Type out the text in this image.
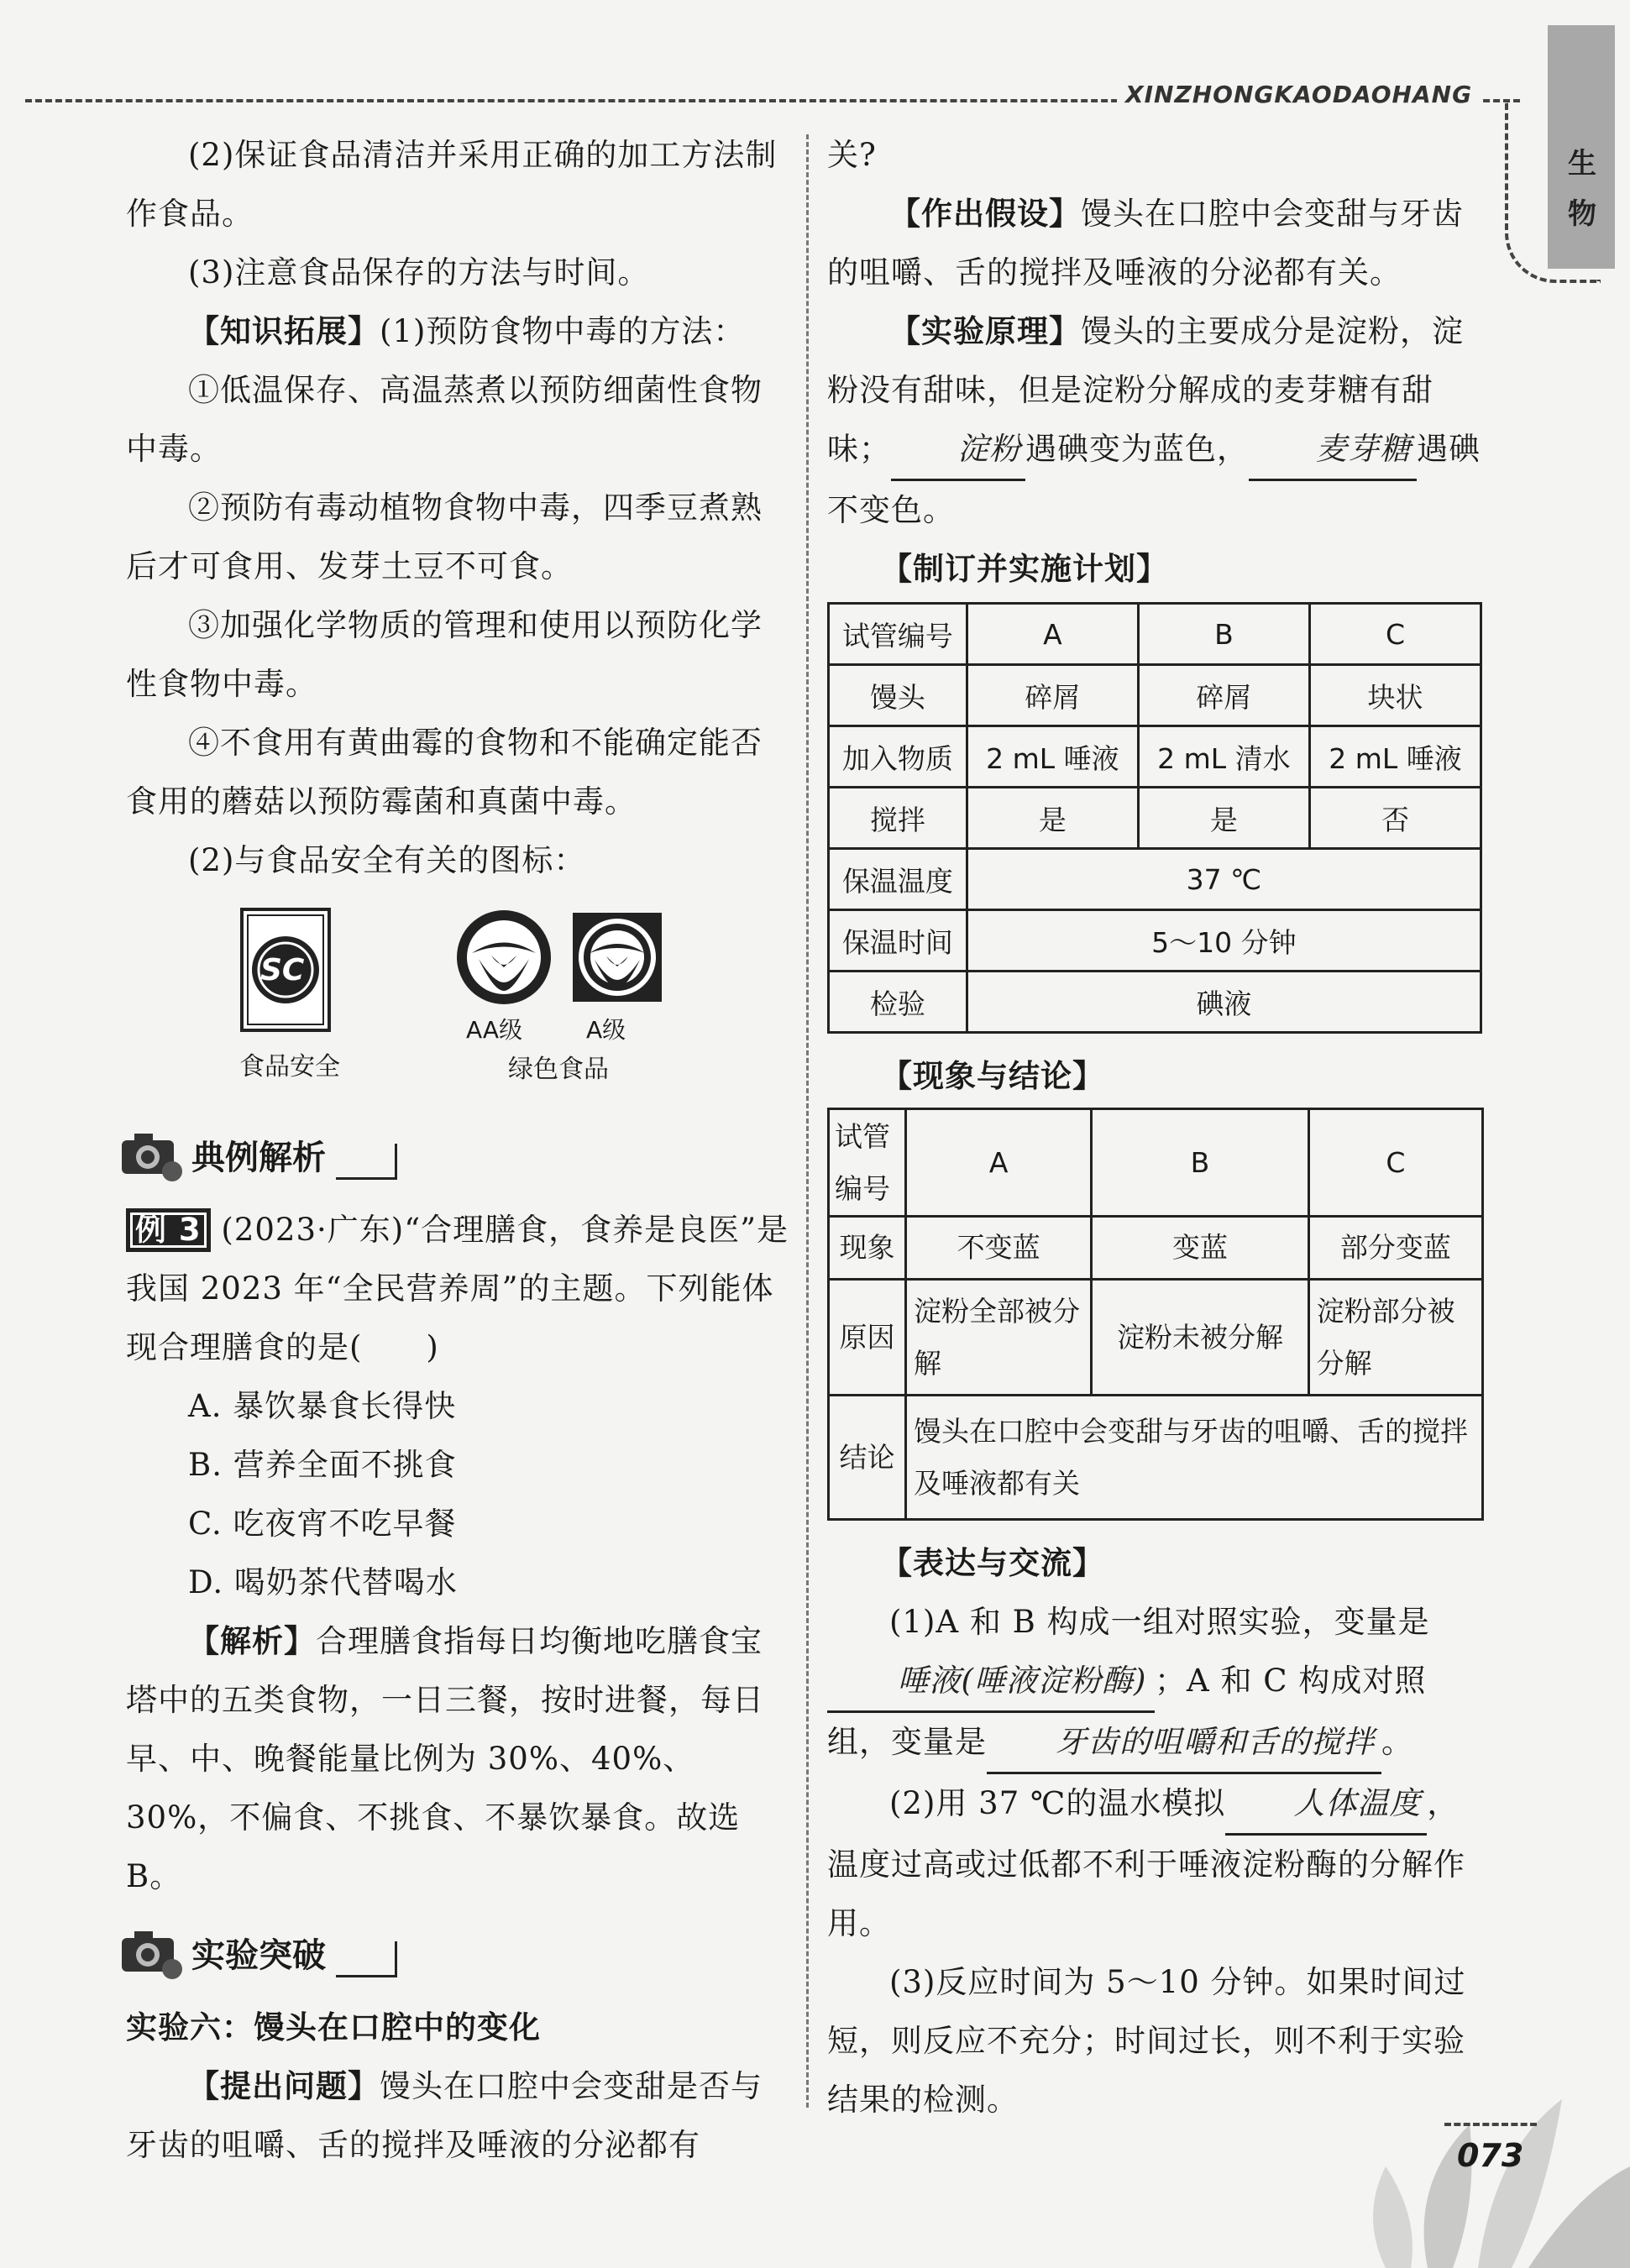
XINZHONGKAODAOHANG
生
物

(2)保证食品清洁并采用正确的加工方法制作食品。

(3)注意食品保存的方法与时间。

【知识拓展】(1)预防食物中毒的方法：

①低温保存、高温蒸煮以预防细菌性食物中毒。

②预防有毒动植物食物中毒，四季豆煮熟后才可食用、发芽土豆不可食。

③加强化学物质的管理和使用以预防化学性食物中毒。

④不食用有黄曲霉的食物和不能确定能否食用的蘑菇以预防霉菌和真菌中毒。

(2)与食品安全有关的图标：

SC
食品安全
AA级	A级
绿色食品
典例解析

例 3 (2023·广东)“合理膳食，食养是良医”是我国 2023 年“全民营养周”的主题。下列能体现合理膳食的是(　　)

A. 暴饮暴食长得快

B. 营养全面不挑食

C. 吃夜宵不吃早餐

D. 喝奶茶代替喝水

【解析】合理膳食指每日均衡地吃膳食宝塔中的五类食物，一日三餐，按时进餐，每日早、中、晚餐能量比例为 30%、40%、30%，不偏食、不挑食、不暴饮暴食。故选 B。

实验突破

实验六：馒头在口腔中的变化

【提出问题】馒头在口腔中会变甜是否与牙齿的咀嚼、舌的搅拌及唾液的分泌都有

关?

【作出假设】馒头在口腔中会变甜与牙齿的咀嚼、舌的搅拌及唾液的分泌都有关。

【实验原理】馒头的主要成分是淀粉，淀粉没有甜味，但是淀粉分解成的麦芽糖有甜味； 淀粉 遇碘变为蓝色， 麦芽糖 遇碘不变色。

【制订并实施计划】

试管编号	A	B	C
馒头	碎屑	碎屑	块状
加入物质	2 mL 唾液	2 mL 清水	2 mL 唾液
搅拌	是	是	否
保温温度	37 ℃		
保温时间	5～10 分钟		
检验	碘液		

【现象与结论】

试管编号	A	B	C
现象	不变蓝	变蓝	部分变蓝
原因	淀粉全部被分解	淀粉未被分解	淀粉部分被分解
结论	馒头在口腔中会变甜与牙齿的咀嚼、舌的搅拌及唾液都有关		

【表达与交流】

(1)A 和 B 构成一组对照实验，变量是唾液(唾液淀粉酶) ；A 和 C 构成对照组，变量是 牙齿的咀嚼和舌的搅拌 。

(2)用 37 ℃的温水模拟 人体温度 ，温度过高或过低都不利于唾液淀粉酶的分解作用。

(3)反应时间为 5～10 分钟。如果时间过短，则反应不充分；时间过长，则不利于实验结果的检测。

073
